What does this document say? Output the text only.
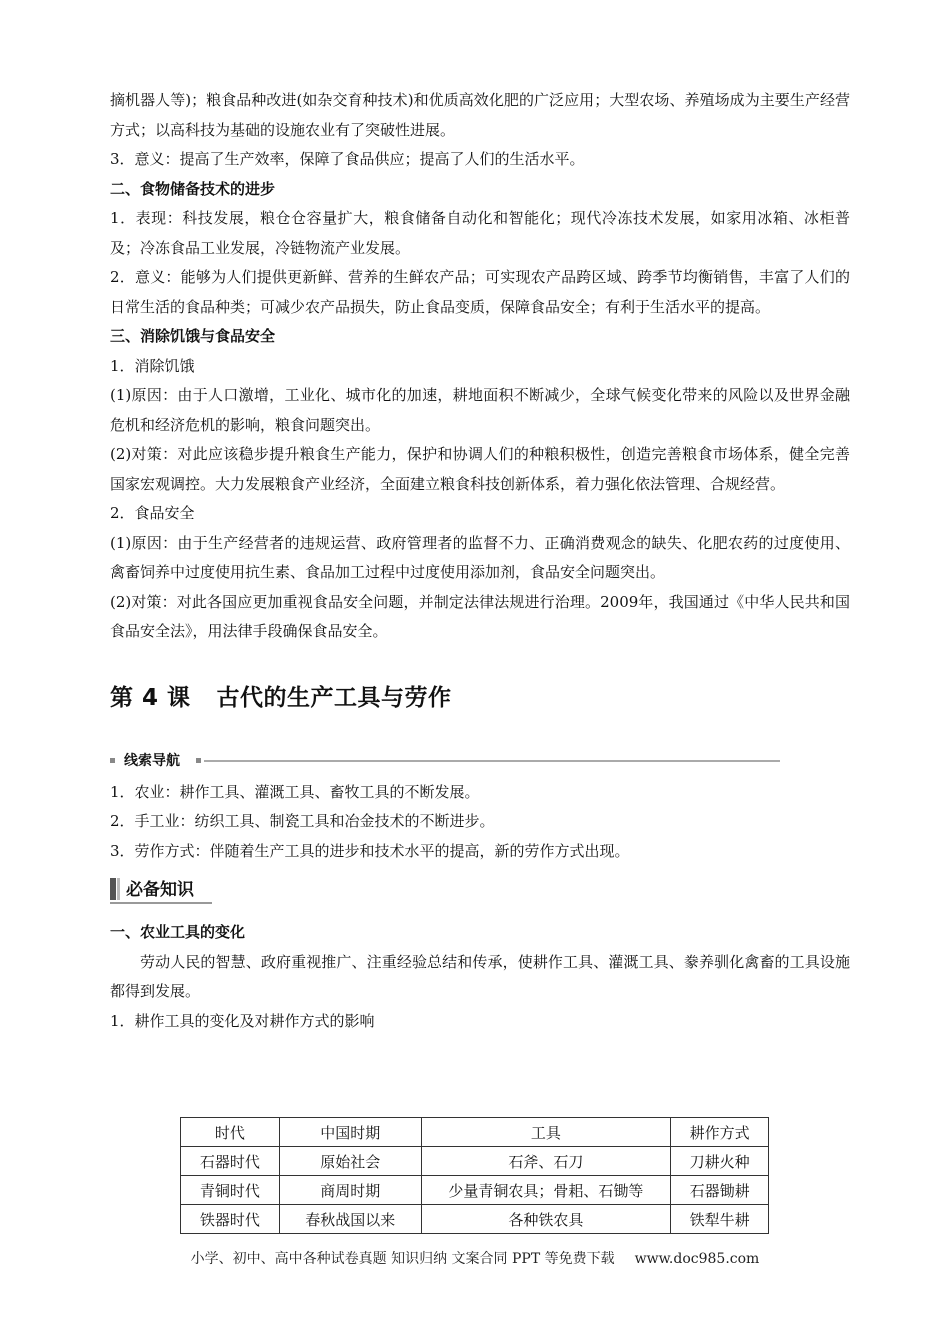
摘机器人等)；粮食品种改进(如杂交育种技术)和优质高效化肥的广泛应用；大型农场、养殖场成为主要生产经营方式；以高科技为基础的设施农业有了突破性进展。

3．意义：提高了生产效率，保障了食品供应；提高了人们的生活水平。

二、食物储备技术的进步

1．表现：科技发展，粮仓仓容量扩大，粮食储备自动化和智能化；现代冷冻技术发展，如家用冰箱、冰柜普及；冷冻食品工业发展，冷链物流产业发展。

2．意义：能够为人们提供更新鲜、营养的生鲜农产品；可实现农产品跨区域、跨季节均衡销售，丰富了人们的日常生活的食品种类；可减少农产品损失，防止食品变质，保障食品安全；有利于生活水平的提高。

三、消除饥饿与食品安全

1．消除饥饿

(1)原因：由于人口激增，工业化、城市化的加速，耕地面积不断减少，全球气候变化带来的风险以及世界金融危机和经济危机的影响，粮食问题突出。

(2)对策：对此应该稳步提升粮食生产能力，保护和协调人们的种粮积极性，创造完善粮食市场体系，健全完善国家宏观调控。大力发展粮食产业经济，全面建立粮食科技创新体系，着力强化依法管理、合规经营。

2．食品安全

(1)原因：由于生产经营者的违规运营、政府管理者的监督不力、正确消费观念的缺失、化肥农药的过度使用、禽畜饲养中过度使用抗生素、食品加工过程中过度使用添加剂，食品安全问题突出。

(2)对策：对此各国应更加重视食品安全问题，并制定法律法规进行治理。2009年，我国通过《中华人民共和国食品安全法》，用法律手段确保食品安全。

第 4 课 古代的生产工具与劳作
线索导航

1．农业：耕作工具、灌溉工具、畜牧工具的不断发展。

2．手工业：纺织工具、制瓷工具和冶金技术的不断进步。

3．劳作方式：伴随着生产工具的进步和技术水平的提高，新的劳作方式出现。

必备知识

一、农业工具的变化

劳动人民的智慧、政府重视推广、注重经验总结和传承，使耕作工具、灌溉工具、豢养驯化禽畜的工具设施都得到发展。

1．耕作工具的变化及对耕作方式的影响

时代	中国时期	工具	耕作方式
石器时代	原始社会	石斧、石刀	刀耕火种
青铜时代	商周时期	少量青铜农具；骨耜、石锄等	石器锄耕
铁器时代	春秋战国以来	各种铁农具	铁犁牛耕
小学、初中、高中各种试卷真题 知识归纳 文案合同 PPT 等免费下载 www.doc985.com
